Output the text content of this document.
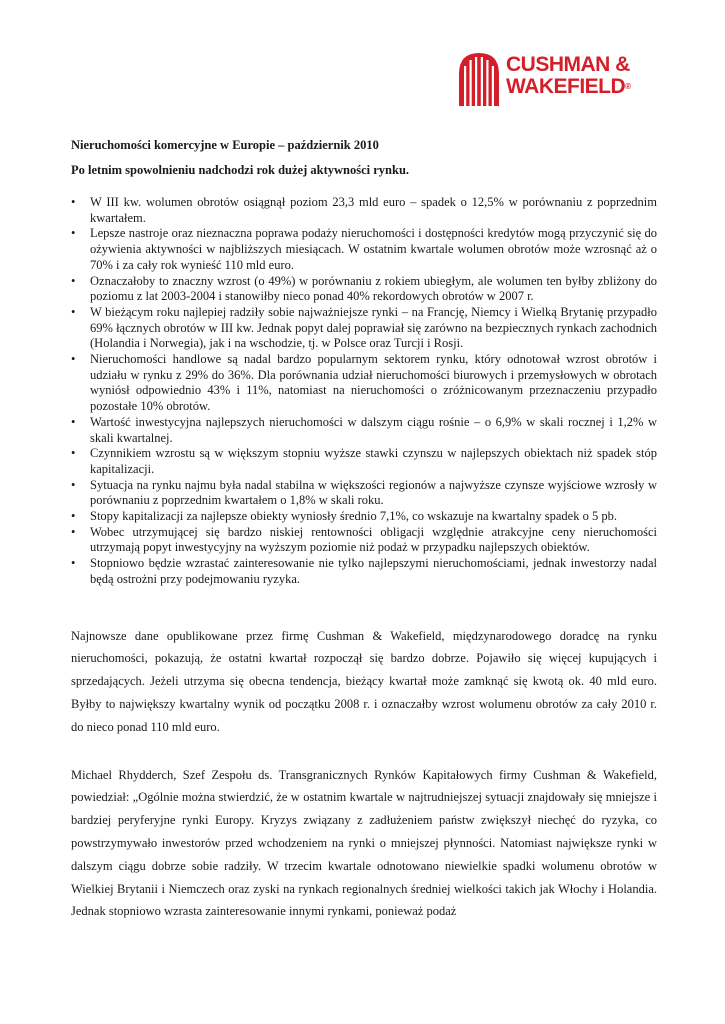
CUSHMAN &
WAKEFIELD®

Nieruchomości komercyjne w Europie – październik 2010

Po letnim spowolnieniu nadchodzi rok dużej aktywności rynku.

• W III kw. wolumen obrotów osiągnął poziom 23,3 mld euro – spadek o 12,5% w porównaniu z poprzednim kwartałem.
• Lepsze nastroje oraz nieznaczna poprawa podaży nieruchomości i dostępności kredytów mogą przyczynić się do ożywienia aktywności w najbliższych miesiącach. W ostatnim kwartale wolumen obrotów może wzrosnąć aż o 70% i za cały rok wynieść 110 mld euro.
• Oznaczałoby to znaczny wzrost (o 49%) w porównaniu z rokiem ubiegłym, ale wolumen ten byłby zbliżony do poziomu z lat 2003-2004 i stanowiłby nieco ponad 40% rekordowych obrotów w 2007 r.
• W bieżącym roku najlepiej radziły sobie najważniejsze rynki – na Francję, Niemcy i Wielką Brytanię przypadło 69% łącznych obrotów w III kw. Jednak popyt dalej poprawiał się zarówno na bezpiecznych rynkach zachodnich (Holandia i Norwegia), jak i na wschodzie, tj. w Polsce oraz Turcji i Rosji.
• Nieruchomości handlowe są nadal bardzo popularnym sektorem rynku, który odnotował wzrost obrotów i udziału w rynku z 29% do 36%. Dla porównania udział nieruchomości biurowych i przemysłowych w obrotach wyniósł odpowiednio 43% i 11%, natomiast na nieruchomości o zróżnicowanym przeznaczeniu przypadło pozostałe 10% obrotów.
• Wartość inwestycyjna najlepszych nieruchomości w dalszym ciągu rośnie – o 6,9% w skali rocznej i 1,2% w skali kwartalnej.
• Czynnikiem wzrostu są w większym stopniu wyższe stawki czynszu w najlepszych obiektach niż spadek stóp kapitalizacji.
• Sytuacja na rynku najmu była nadal stabilna w większości regionów a najwyższe czynsze wyjściowe wzrosły w porównaniu z poprzednim kwartałem o 1,8% w skali roku.
• Stopy kapitalizacji za najlepsze obiekty wyniosły średnio 7,1%, co wskazuje na kwartalny spadek o 5 pb.
• Wobec utrzymującej się bardzo niskiej rentowności obligacji względnie atrakcyjne ceny nieruchomości utrzymają popyt inwestycyjny na wyższym poziomie niż podaż w przypadku najlepszych obiektów.
• Stopniowo będzie wzrastać zainteresowanie nie tylko najlepszymi nieruchomościami, jednak inwestorzy nadal będą ostrożni przy podejmowaniu ryzyka.

Najnowsze dane opublikowane przez firmę Cushman & Wakefield, międzynarodowego doradcę na rynku nieruchomości, pokazują, że ostatni kwartał rozpoczął się bardzo dobrze. Pojawiło się więcej kupujących i sprzedających. Jeżeli utrzyma się obecna tendencja, bieżący kwartał może zamknąć się kwotą ok. 40 mld euro. Byłby to największy kwartalny wynik od początku 2008 r. i oznaczałby wzrost wolumenu obrotów za cały 2010 r. do nieco ponad 110 mld euro.

Michael Rhydderch, Szef Zespołu ds. Transgranicznych Rynków Kapitałowych firmy Cushman & Wakefield, powiedział: „Ogólnie można stwierdzić, że w ostatnim kwartale w najtrudniejszej sytuacji znajdowały się mniejsze i bardziej peryferyjne rynki Europy. Kryzys związany z zadłużeniem państw zwiększył niechęć do ryzyka, co powstrzymywało inwestorów przed wchodzeniem na rynki o mniejszej płynności. Natomiast największe rynki w dalszym ciągu dobrze sobie radziły. W trzecim kwartale odnotowano niewielkie spadki wolumenu obrotów w Wielkiej Brytanii i Niemczech oraz zyski na rynkach regionalnych średniej wielkości takich jak Włochy i Holandia. Jednak stopniowo wzrasta zainteresowanie innymi rynkami, ponieważ podaż
